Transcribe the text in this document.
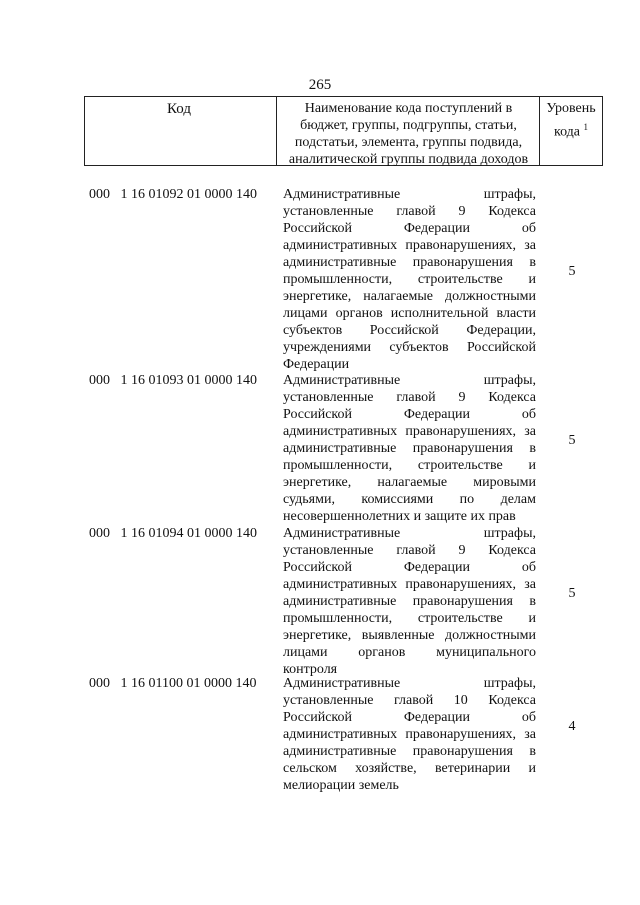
265
Код	Наименование кода поступлений в
бюджет, группы, подгруппы, статьи,
подстатьи, элемента, группы подвида,
аналитической группы подвида доходов
Уровень
кода $^1$
000 1 16 01092 01 0000 140 Административные штрафы,
установленные главой 9 Кодекса
Российской Федерации об
административных правонарушениях, за
административные правонарушения в
промышленности, строительстве и
энергетике, налагаемые должностными
лицами органов исполнительной власти
субъектов Российской Федерации,
учреждениями субъектов Российской
Федерации
5
000 1 16 01093 01 0000 140 Административные штрафы,
установленные главой 9 Кодекса
Российской Федерации об
административных правонарушениях, за
административные правонарушения в
промышленности, строительстве и
энергетике, налагаемые мировыми
судьями, комиссиями по делам
несовершеннолетних и защите их прав
5
000 1 16 01094 01 0000 140 Административные штрафы,
установленные главой 9 Кодекса
Российской Федерации об
административных правонарушениях, за
административные правонарушения в
промышленности, строительстве и
энергетике, выявленные должностными
лицами органов муниципального
контроля
5
000 1 16 01100 01 0000 140 Административные штрафы,
установленные главой 10 Кодекса
Российской Федерации об
административных правонарушениях, за
административные правонарушения в
сельском хозяйстве, ветеринарии и
мелиорации земель
4
